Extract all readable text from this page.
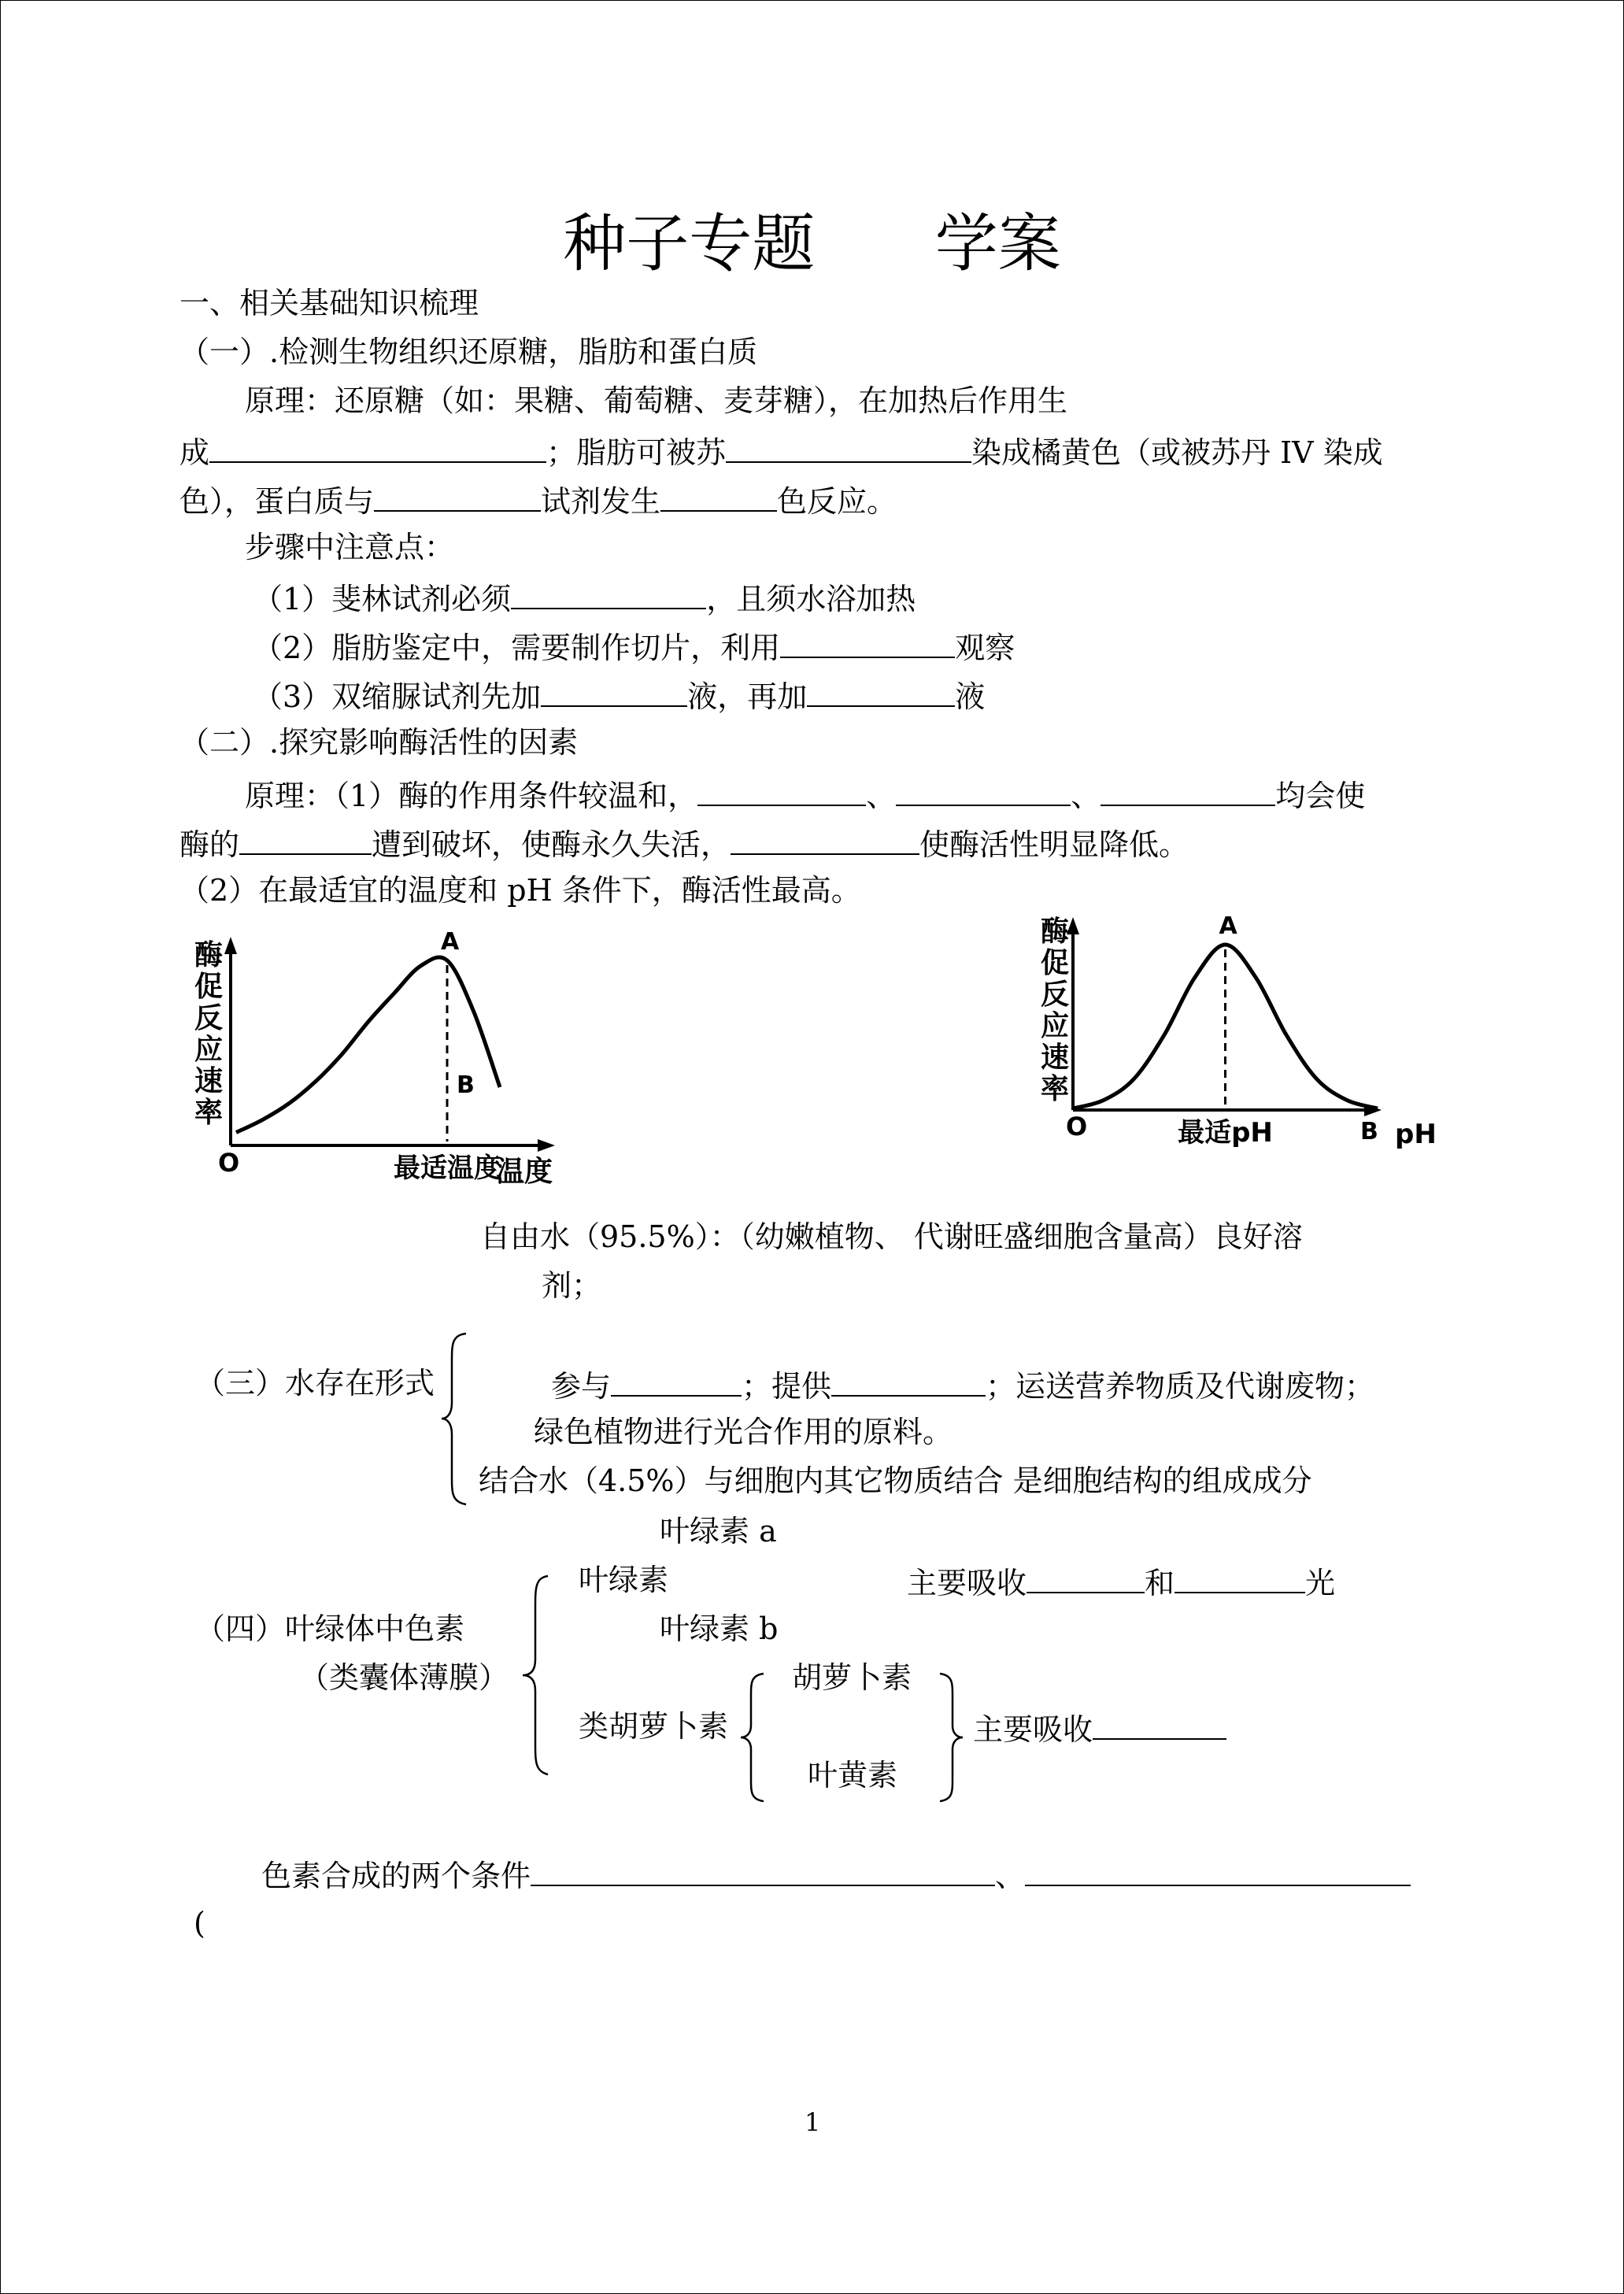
种子专题      学案
一、相关基础知识梳理
（一）.检测生物组织还原糖，脂肪和蛋白质
原理：还原糖（如：果糖、葡萄糖、麦芽糖），在加热后作用生
成	；脂肪可被苏	染成橘黄色（或被苏丹 IV 染成
色），蛋白质与	试剂发生	色反应。
步骤中注意点：
（1）斐林试剂必须	，且须水浴加热
（2）脂肪鉴定中，需要制作切片，利用	观察
（3）双缩脲试剂先加	液，再加	液
（二）.探究影响酶活性的因素
原理：（1）酶的作用条件较温和，	、	、	均会使
酶的	遭到破坏，使酶永久失活，	使酶活性明显降低。
（2）在最适宜的温度和 pH 条件下，酶活性最高。
酶促反应速率
A
B
O	最适温度
温度
酶促反应速率
A
B
O	最适pH	pH
自由水（95.5%）：（幼嫩植物、 代谢旺盛细胞含量高）良好溶
剂；
（三）水存在形式	参与	；提供	；运送营养物质及代谢废物；
绿色植物进行光合作用的原料。
结合水（4.5%）与细胞内其它物质结合 是细胞结构的组成成分
叶绿素 a
叶绿素	主要吸收	和	光
（四）叶绿体中色素	叶绿素 b
（类囊体薄膜）	胡萝卜素
类胡萝卜素	主要吸收
叶黄素
色素合成的两个条件	、
(
1
